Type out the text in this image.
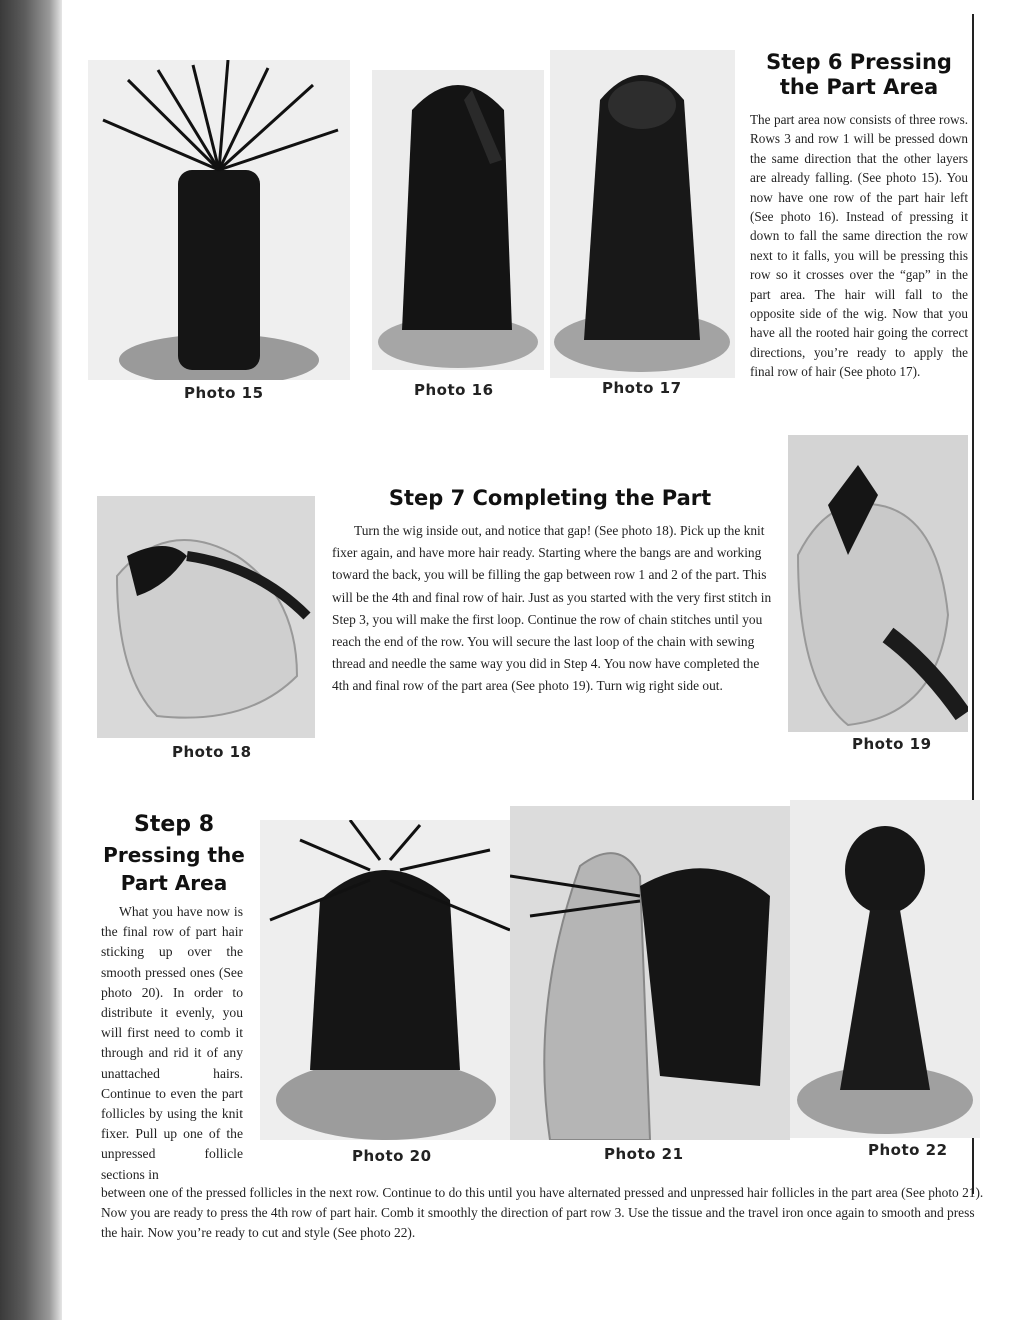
Photo 15	Photo 16	Photo 17
Step 6 Pressing the Part Area
The part area now consists of three rows. Rows 3 and row 1 will be pressed down the same direction that the other layers are already falling. (See photo 15). You now have one row of the part hair left (See photo 16). Instead of pressing it down to fall the same direction the row next to it falls, you will be pressing this row so it crosses over the “gap” in the part area. The hair will fall to the opposite side of the wig. Now that you have all the rooted hair going the correct directions, you’re ready to apply the final row of hair (See photo 17).
Photo 18
Step 7 Completing the Part
Turn the wig inside out, and notice that gap! (See photo 18). Pick up the knit fixer again, and have more hair ready. Starting where the bangs are and working toward the back, you will be filling the gap between row 1 and 2 of the part. This will be the 4th and final row of hair. Just as you started with the very first stitch in Step 3, you will make the first loop. Continue the row of chain stitches until you reach the end of the row. You will secure the last loop of the chain with sewing thread and needle the same way you did in Step 4. You now have completed the 4th and final row of the part area (See photo 19). Turn wig right side out.
Photo 19
Step 8
Pressing the
Part Area
What you have now is the final row of part hair sticking up over the smooth pressed ones (See photo 20). In order to distribute it evenly, you will first need to comb it through and rid it of any unattached hairs. Continue to even the part follicles by using the knit fixer. Pull up one of the unpressed follicle sections in
Photo 20	Photo 21	Photo 22
between one of the pressed follicles in the next row. Continue to do this until you have alternated pressed and unpressed hair follicles in the part area (See photo 21). Now you are ready to press the 4th row of part hair. Comb it smoothly the direction of part row 3. Use the tissue and the travel iron once again to smooth and press the hair. Now you’re ready to cut and style (See photo 22).
